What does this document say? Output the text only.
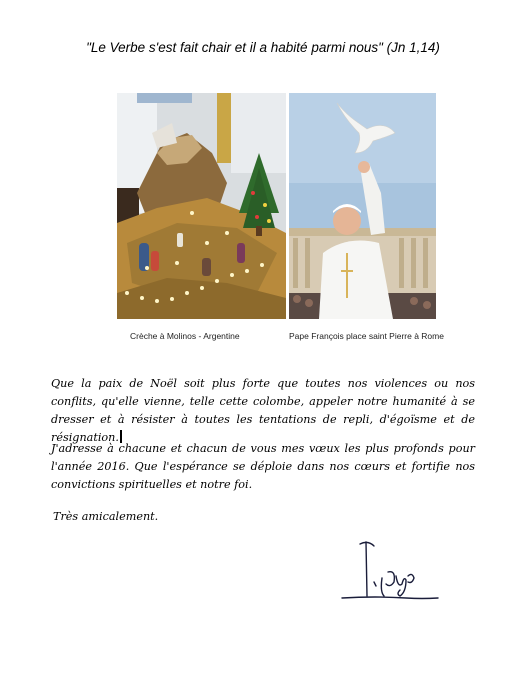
"Le Verbe s'est fait chair et il a habité parmi nous" (Jn 1,14)
Crèche à Molinos - Argentine	Pape François place saint Pierre à Rome
Que la paix de Noël soit plus forte que toutes nos violences ou nos conflits, qu'elle vienne, telle cette colombe, appeler notre humanité à se dresser et à résister à toutes les tentations de repli, d'égoïsme et de résignation.
J'adresse à chacune et chacun de vous mes vœux les plus profonds pour l'année 2016. Que l'espérance se déploie dans nos cœurs et fortifie nos convictions spirituelles et notre foi.
Très amicalement.
